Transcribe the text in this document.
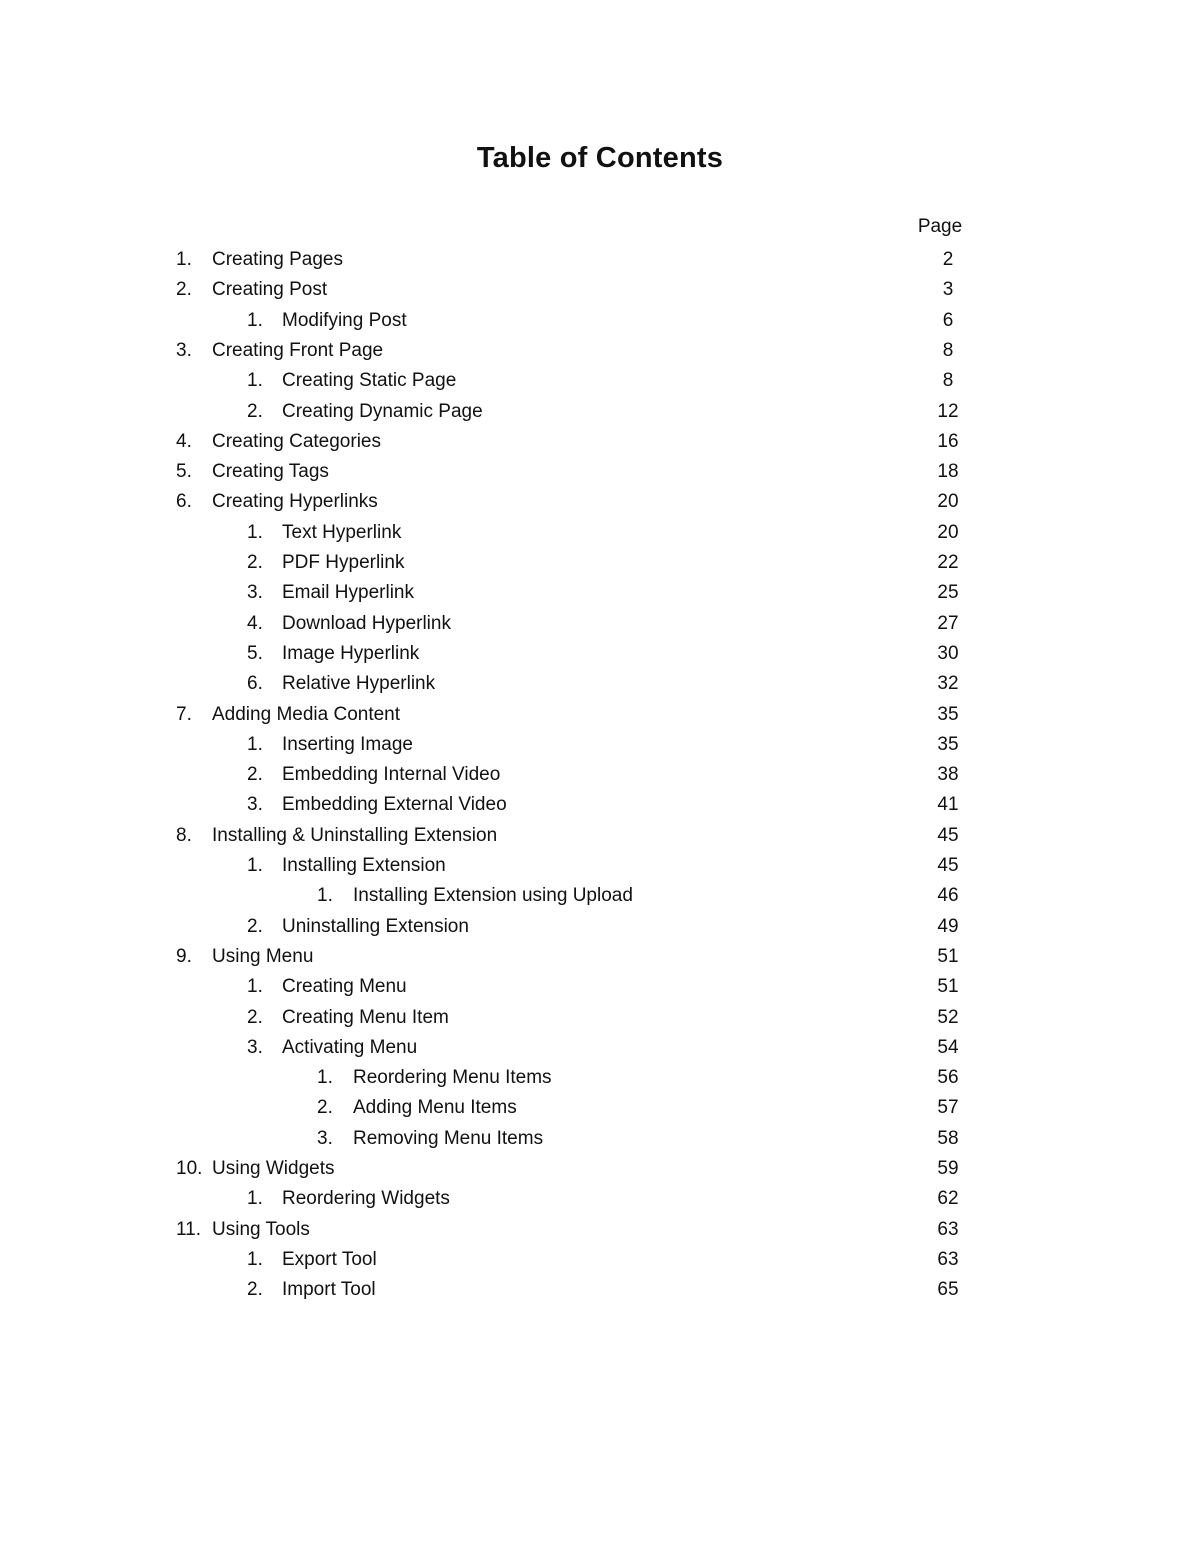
Table of Contents
Page
1. Creating Pages	2
2. Creating Post	3
1. Modifying Post	6
3. Creating Front Page	8
1. Creating Static Page	8
2. Creating Dynamic Page	12
4. Creating Categories	16
5. Creating Tags	18
6. Creating Hyperlinks	20
1. Text Hyperlink	20
2. PDF Hyperlink	22
3. Email Hyperlink	25
4. Download Hyperlink	27
5. Image Hyperlink	30
6. Relative Hyperlink	32
7. Adding Media Content	35
1. Inserting Image	35
2. Embedding Internal Video	38
3. Embedding External Video	41
8. Installing & Uninstalling Extension	45
1. Installing Extension	45
1. Installing Extension using Upload	46
2. Uninstalling Extension	49
9. Using Menu	51
1. Creating Menu	51
2. Creating Menu Item	52
3. Activating Menu	54
1. Reordering Menu Items	56
2. Adding Menu Items	57
3. Removing Menu Items	58
10. Using Widgets	59
1. Reordering Widgets	62
11. Using Tools	63
1. Export Tool	63
2. Import Tool	65
